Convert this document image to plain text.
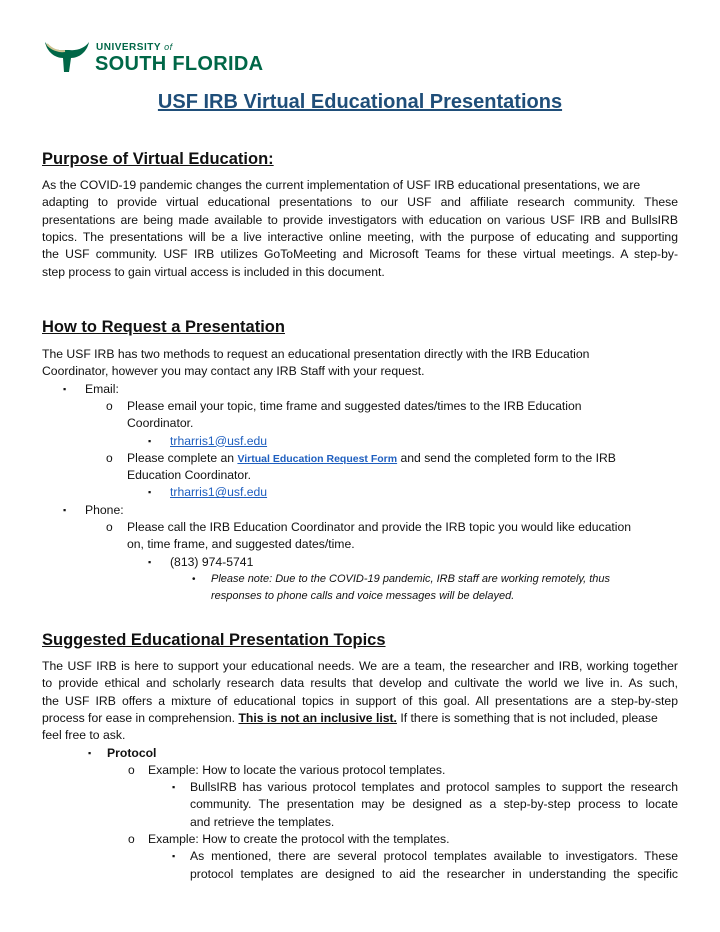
UNIVERSITY of
SOUTH FLORIDA
USF IRB Virtual Educational Presentations
Purpose of Virtual Education:
As the COVID-19 pandemic changes the current implementation of USF IRB educational presentations, we are
adapting to provide virtual educational presentations to our USF and affiliate research community. These
presentations are being made available to provide investigators with education on various USF IRB and BullsIRB
topics. The presentations will be a live interactive online meeting, with the purpose of educating and supporting
the USF community. USF IRB utilizes GoToMeeting and Microsoft Teams for these virtual meetings. A step-by-
step process to gain virtual access is included in this document.
How to Request a Presentation
The USF IRB has two methods to request an educational presentation directly with the IRB Education
Coordinator, however you may contact any IRB Staff with your request.
▪ Email:
o Please email your topic, time frame and suggested dates/times to the IRB Education
Coordinator.
▪ trharris1@usf.edu
o Please complete an Virtual Education Request Form and send the completed form to the IRB
Education Coordinator.
▪ trharris1@usf.edu
▪ Phone:
o Please call the IRB Education Coordinator and provide the IRB topic you would like education
on, time frame, and suggested dates/time.
▪ (813) 974-5741
• Please note: Due to the COVID-19 pandemic, IRB staff are working remotely, thus
responses to phone calls and voice messages will be delayed.
Suggested Educational Presentation Topics
The USF IRB is here to support your educational needs. We are a team, the researcher and IRB, working together
to provide ethical and scholarly research data results that develop and cultivate the world we live in. As such,
the USF IRB offers a mixture of educational topics in support of this goal. All presentations are a step-by-step
process for ease in comprehension. This is not an inclusive list. If there is something that is not included, please
feel free to ask.
▪ Protocol
o Example: How to locate the various protocol templates.
▪ BullsIRB has various protocol templates and protocol samples to support the research
community. The presentation may be designed as a step-by-step process to locate
and retrieve the templates.
o Example: How to create the protocol with the templates.
▪ As mentioned, there are several protocol templates available to investigators. These
protocol templates are designed to aid the researcher in understanding the specific
